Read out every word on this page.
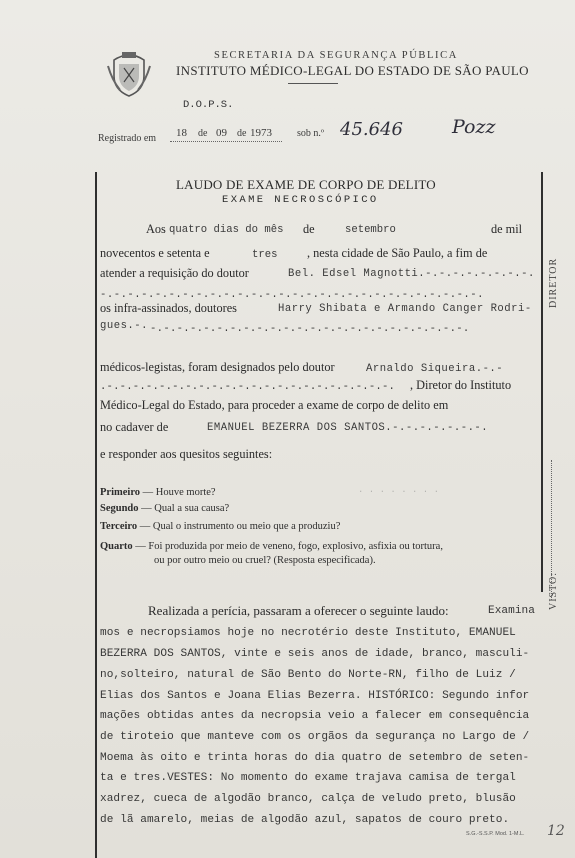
SECRETARIA DA SEGURANÇA PÚBLICA
INSTITUTO MÉDICO-LEGAL DO ESTADO DE SÃO PAULO
D.O.P.S.
Registrado em 18 de 09 de 1973	sob n.º 45.646	Pozz
DIRETOR
VISTO:
LAUDO DE EXAME DE CORPO DE DELITO
EXAME NECROSCÓPICO
Aos quatro dias do mês de	setembro	de mil
novecentos e setenta e	tres , nesta cidade de São Paulo, a fim de
atender a requisição do doutor	Bel. Edsel Magnotti.-.-.-.-.-.-.-.-.
-.-.-.-.-.-.-.-.-.-.-.-.-.-.-.-.-.-.-.-.-.-.-.-.-.-.-.-.
os infra-assinados, doutores	Harry Shibata e Armando Canger Rodri-
gues.-. -.-.-.-.-.-.-.-.-.-.-.-.-.-.-.-.-.-.-.-.-.-.-.-.
médicos-legistas, foram designados pelo doutor	Arnaldo Siqueira.-.-
.-.-.-.-.-.-.-.-.-.-.-.-.-.-.-.-.-.-.-.-.-.-. , Diretor do Instituto
Médico-Legal do Estado, para proceder a exame de corpo de delito em
no cadaver de	EMANUEL BEZERRA DOS SANTOS.-.-.-.-.-.-.-.
e responder aos quesitos seguintes:
Primeiro — Houve morte?
Segundo — Qual a sua causa?
Terceiro — Qual o instrumento ou meio que a produziu?
Quarto — Foi produzida por meio de veneno, fogo, explosivo, asfixia ou tortura,
ou por outro meio ou cruel? (Resposta especificada).
· · · · · · · ·
Realizada a perícia, passaram a oferecer o seguinte laudo:	Examina
mos e necropsiamos hoje no necrotério deste Instituto, EMANUEL
BEZERRA DOS SANTOS, vinte e seis anos de idade, branco, masculi-
no,solteiro, natural de São Bento do Norte-RN, filho de Luiz /
Elias dos Santos e Joana Elias Bezerra. HISTÓRICO: Segundo infor
mações obtidas antes da necropsia veio a falecer em consequência
de tiroteio que manteve com os orgãos da segurança no Largo de /
Moema às oito e trinta horas do dia quatro de setembro de seten-
ta e tres.VESTES: No momento do exame trajava camisa de tergal
xadrez, cueca de algodão branco, calça de veludo preto, blusão
de lã amarelo, meias de algodão azul, sapatos de couro preto.
S.G.-S.S.P. Mod. 1-M.L. 12
